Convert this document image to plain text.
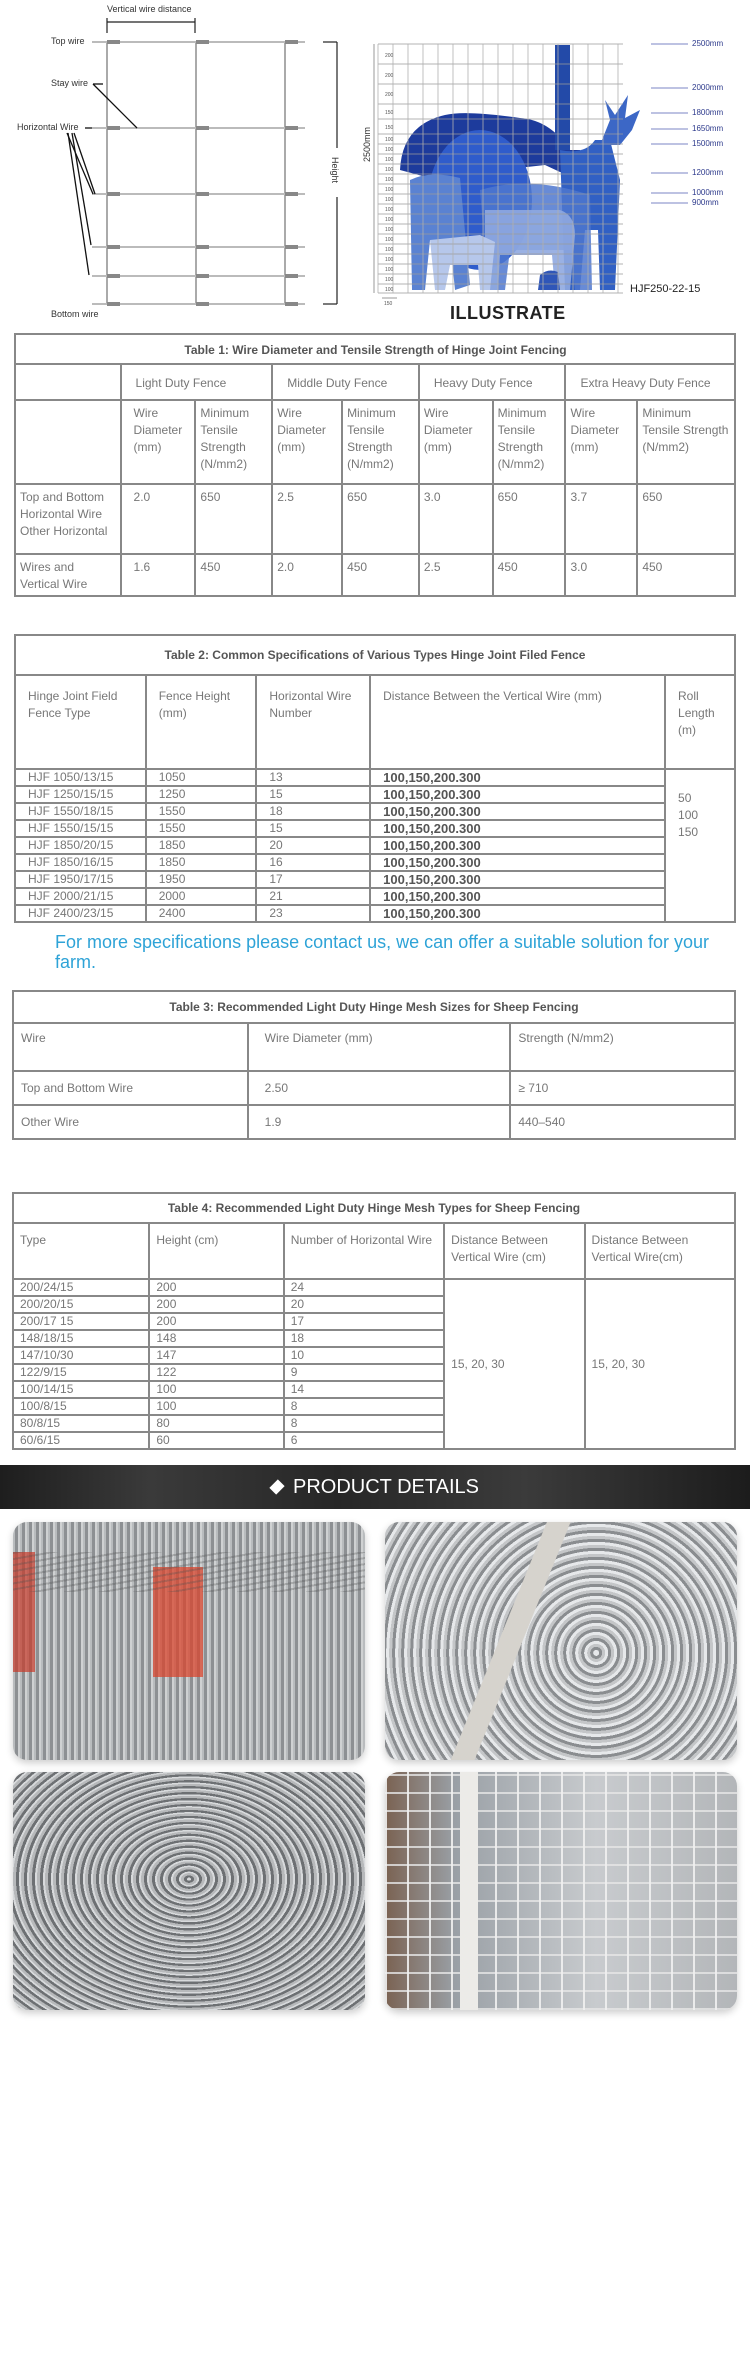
Vertical wire distance
Top wire
Stay wire
Horizontal Wire
Bottom wire
Height
2500mm
200
200
200
150
150
100
100
100
100
100
100
100
100
100
100
100
100
100
100
100
100
150
2500mm
2000mm
1800mm
1650mm
1500mm
1200mm
1000mm
900mm
HJF250-22-15
ILLUSTRATE
Table 1: Wire Diameter and Tensile Strength of Hinge Joint Fencing								
	Light Duty Fence		Middle Duty Fence		Heavy Duty Fence		Extra Heavy Duty Fence	
	Wire Diameter (mm)	Minimum Tensile Strength (N/mm2)	Wire Diameter (mm)	Minimum Tensile Strength (N/mm2)	Wire Diameter (mm)	Minimum Tensile Strength (N/mm2)	Wire Diameter (mm)	Minimum Tensile Strength (N/mm2)
Top and Bottom Horizontal Wire Other Horizontal	2.0	650	2.5	650	3.0	650	3.7	650
Wires and Vertical Wire	1.6	450	2.0	450	2.5	450	3.0	450
Table 2: Common Specifications of Various Types Hinge Joint Filed Fence				
Hinge Joint Field Fence Type	Fence Height (mm)	Horizontal Wire Number	Distance Between the Vertical Wire (mm)	Roll Length (m)
HJF 1050/13/15	1050	13	100,150,200.300	50
100
150

HJF 1250/15/15	1250	15	100,150,200.300	
HJF 1550/18/15	1550	18	100,150,200.300	
HJF 1550/15/15	1550	15	100,150,200.300	
HJF 1850/20/15	1850	20	100,150,200.300	
HJF 1850/16/15	1850	16	100,150,200.300	
HJF 1950/17/15	1950	17	100,150,200.300	
HJF 2000/21/15	2000	21	100,150,200.300	
HJF 2400/23/15	2400	23	100,150,200.300	

For more specifications please contact us, we can offer a suitable solution for your farm.

Table 3: Recommended Light Duty Hinge Mesh Sizes for Sheep Fencing		
Wire	Wire Diameter (mm)	Strength (N/mm2)
Top and Bottom Wire	2.50	≥ 710
Other Wire	1.9	440–540
Table 4: Recommended Light Duty Hinge Mesh Types for Sheep Fencing				
Type	Height (cm)	Number of Horizontal Wire	Distance Between Vertical Wire (cm)	Distance Between Vertical Wire(cm)
200/24/15	200	24	15, 20, 30	15, 20, 30
200/20/15	200	20		
200/17 15	200	17		
148/18/15	148	18		
147/10/30	147	10		
122/9/15	122	9		
100/14/15	100	14		
100/8/15	100	8		
80/8/15	80	8		
60/6/15	60	6		
PRODUCT DETAILS
